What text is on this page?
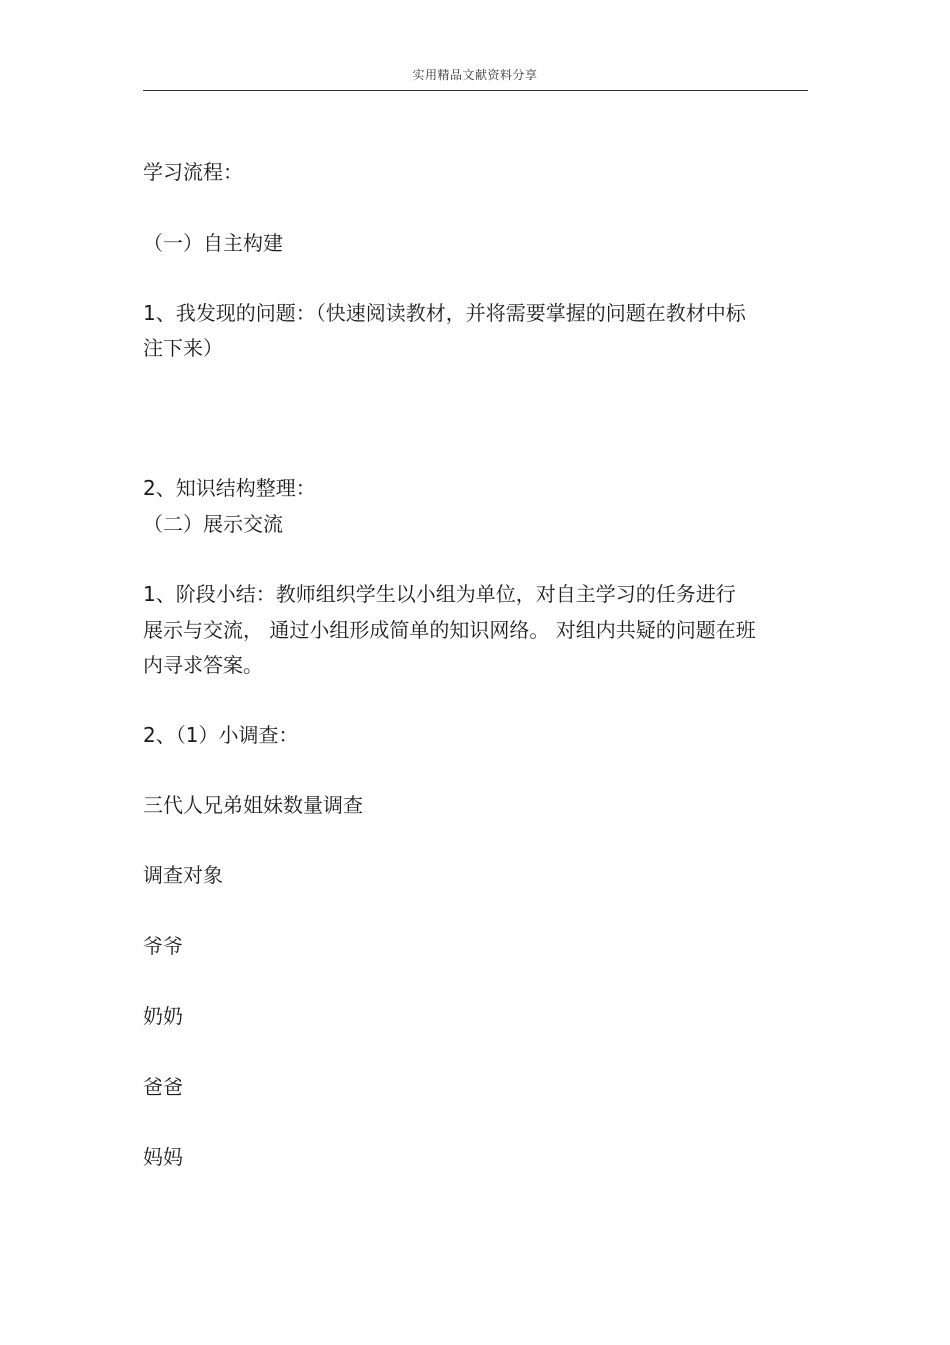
实用精品文献资料分享
学习流程：
（一）自主构建
1、我发现的问题：（快速阅读教材，并将需要掌握的问题在教材中标
注下来）
2、知识结构整理：
（二）展示交流
1、阶段小结：教师组织学生以小组为单位，对自主学习的任务进行
展示与交流， 通过小组形成简单的知识网络。 对组内共疑的问题在班
内寻求答案。
2、（1）小调查：
三代人兄弟姐妹数量调查
调查对象
爷爷
奶奶
爸爸
妈妈
